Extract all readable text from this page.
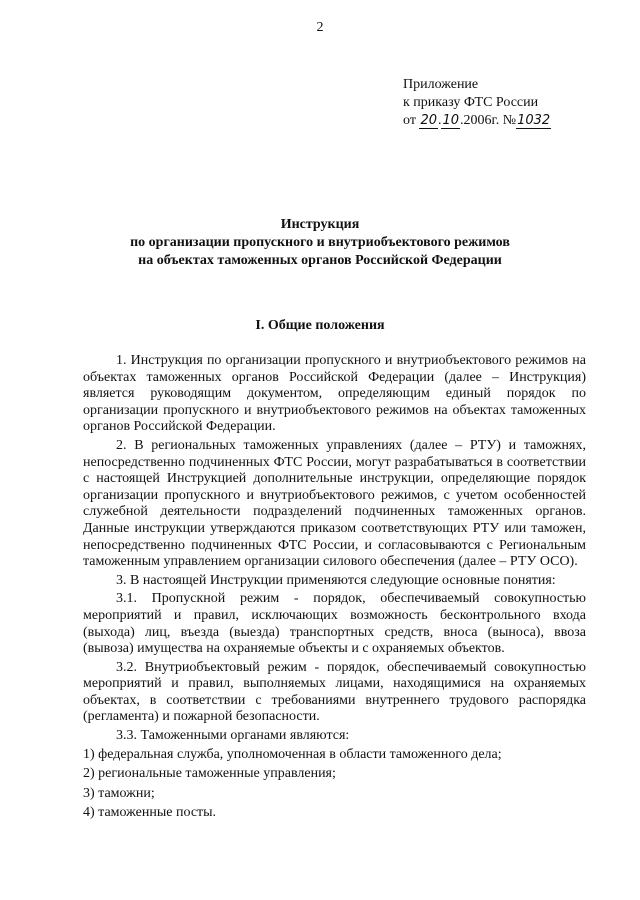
2
Приложение
к приказу ФТС России
от 20.10.2006г. №1032
Инструкция
по организации пропускного и внутриобъектового режимов
на объектах таможенных органов Российской Федерации
I. Общие положения

1. Инструкция по организации пропускного и внутриобъектового режимов на объектах таможенных органов Российской Федерации (далее – Инструкция) является руководящим документом, определяющим единый порядок по организации пропускного и внутриобъектового режимов на объектах таможенных органов Российской Федерации.

2. В региональных таможенных управлениях (далее – РТУ) и таможнях, непосредственно подчиненных ФТС России, могут разрабатываться в соответствии с настоящей Инструкцией дополнительные инструкции, определяющие порядок организации пропускного и внутриобъектового режимов, с учетом особенностей служебной деятельности подразделений подчиненных таможенных органов. Данные инструкции утверждаются приказом соответствующих РТУ или таможен, непосредственно подчиненных ФТС России, и согласовываются с Региональным таможенным управлением организации силового обеспечения (далее – РТУ ОСО).

3. В настоящей Инструкции применяются следующие основные понятия:

3.1. Пропускной режим - порядок, обеспечиваемый совокупностью мероприятий и правил, исключающих возможность бесконтрольного входа (выхода) лиц, въезда (выезда) транспортных средств, вноса (выноса), ввоза (вывоза) имущества на охраняемые объекты и с охраняемых объектов.

3.2. Внутриобъектовый режим - порядок, обеспечиваемый совокупностью мероприятий и правил, выполняемых лицами, находящимися на охраняемых объектах, в соответствии с требованиями внутреннего трудового распорядка (регламента) и пожарной безопасности.

3.3. Таможенными органами являются:

1) федеральная служба, уполномоченная в области таможенного дела;

2) региональные таможенные управления;

3) таможни;

4) таможенные посты.
